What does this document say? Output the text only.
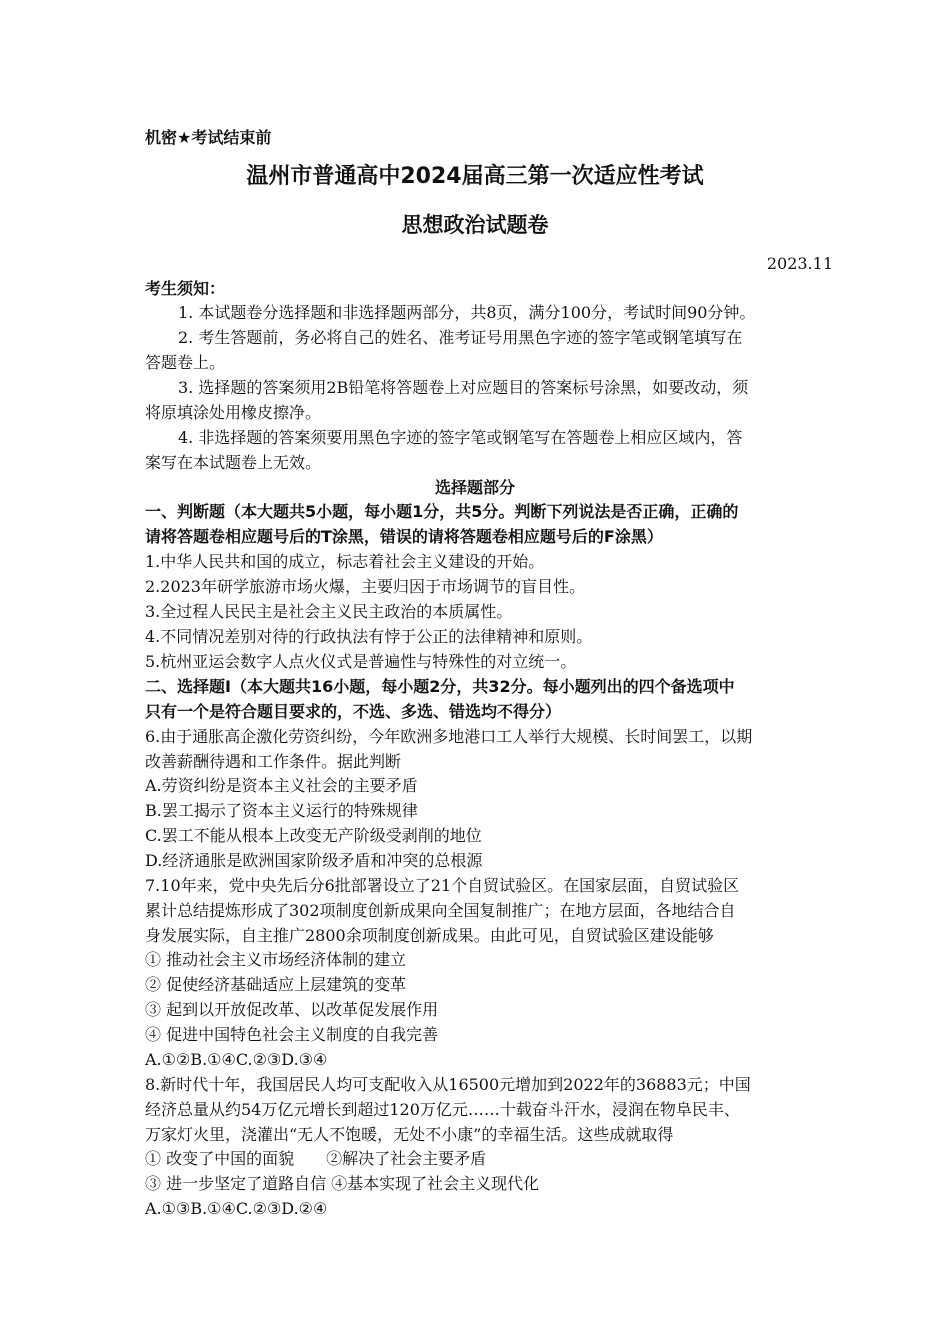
机密★考试结束前
温州市普通高中2024届高三第一次适应性考试
思想政治试题卷
2023.11
考生须知：
1. 本试题卷分选择题和非选择题两部分，共8页，满分100分，考试时间90分钟。
2. 考生答题前，务必将自己的姓名、准考证号用黑色字迹的签字笔或钢笔填写在
答题卷上。
3. 选择题的答案须用2B铅笔将答题卷上对应题目的答案标号涂黑，如要改动，须
将原填涂处用橡皮擦净。
4. 非选择题的答案须要用黑色字迹的签字笔或钢笔写在答题卷上相应区域内，答
案写在本试题卷上无效。
选择题部分
一、判断题（本大题共5小题，每小题1分，共5分。判断下列说法是否正确，正确的
请将答题卷相应题号后的T涂黑，错误的请将答题卷相应题号后的F涂黑）
1.中华人民共和国的成立，标志着社会主义建设的开始。
2.2023年研学旅游市场火爆，主要归因于市场调节的盲目性。
3.全过程人民民主是社会主义民主政治的本质属性。
4.不同情况差别对待的行政执法有悖于公正的法律精神和原则。
5.杭州亚运会数字人点火仪式是普遍性与特殊性的对立统一。
二、选择题Ⅰ（本大题共16小题，每小题2分，共32分。每小题列出的四个备选项中
只有一个是符合题目要求的，不选、多选、错选均不得分）
6.由于通胀高企激化劳资纠纷，今年欧洲多地港口工人举行大规模、长时间罢工，以期
改善薪酬待遇和工作条件。据此判断
A.劳资纠纷是资本主义社会的主要矛盾
B.罢工揭示了资本主义运行的特殊规律
C.罢工不能从根本上改变无产阶级受剥削的地位
D.经济通胀是欧洲国家阶级矛盾和冲突的总根源
7.10年来，党中央先后分6批部署设立了21个自贸试验区。在国家层面，自贸试验区
累计总结提炼形成了302项制度创新成果向全国复制推广；在地方层面，各地结合自
身发展实际，自主推广2800余项制度创新成果。由此可见，自贸试验区建设能够
① 推动社会主义市场经济体制的建立
② 促使经济基础适应上层建筑的变革
③ 起到以开放促改革、以改革促发展作用
④ 促进中国特色社会主义制度的自我完善
A.①②B.①④C.②③D.③④
8.新时代十年，我国居民人均可支配收入从16500元增加到2022年的36883元；中国
经济总量从约54万亿元增长到超过120万亿元……十载奋斗汗水，浸润在物阜民丰、
万家灯火里，浇灌出“无人不饱暖，无处不小康”的幸福生活。这些成就取得
① 改变了中国的面貌　　②解决了社会主要矛盾
③ 进一步坚定了道路自信 ④基本实现了社会主义现代化
A.①③B.①④C.②③D.②④
